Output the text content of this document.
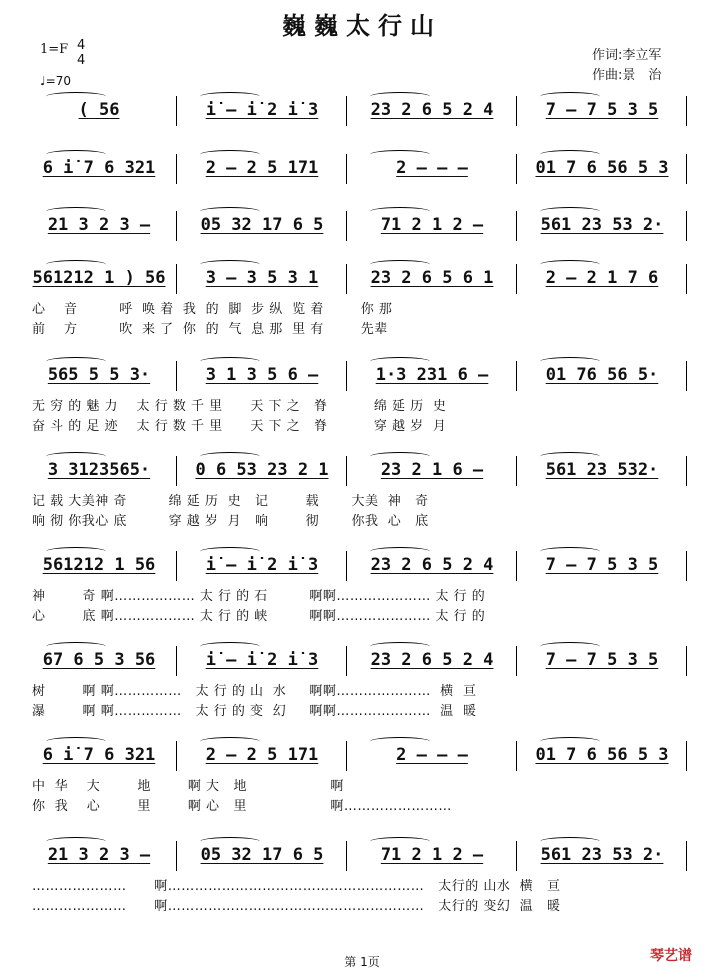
巍巍太行山
1=F 4
4
♩=70
作词:李立军
作曲:景　治
( 56	i̇ — i̇ 2 i̇ 3	23 2 6 5 2 4	7 — 7 5 3 5
6 i̇ 7 6 321	2 — 2 5 171	2 — — —	01 7 6 56 5 3
21 3 2 3 —	05 32 17 6 5	71 2 1 2 —	561 23 53 2·
561212 1 ) 56 3 — 3 5 3 1	23 2 6 5 6 1	2 — 2 1 7 6
心    音         呼  唤 着  我  的  脚  步 纵  览 着        你 那
前    方         吹  来 了  你  的  气  息 那  里 有        先辈
565 5 5 3·	3 1 3 5 6 —	1·3 231 6 —	01 76 56 5·
无 穷 的 魅 力    太 行 数 千 里      天 下 之   脊          绵 延 历  史
奋 斗 的 足 迹    太 行 数 千 里      天 下 之   脊          穿 越 岁  月
3 3123565·	0 6 53 23 2 1	23 2 1 6 —	561 23 532·
记 载 大美神 奇         绵 延 历  史   记        载       大美  神   奇
响 彻 你我心 底         穿 越 岁  月   响        彻       你我  心   底
561212 1 56	i̇ — i̇ 2 i̇ 3	23 2 6 5 2 4	7 — 7 5 3 5
神        奇 啊……………… 太 行 的 石         啊啊………………… 太 行 的
心        底 啊……………… 太 行 的 峡         啊啊………………… 太 行 的
67 6 5 3 56	i̇ — i̇ 2 i̇ 3	23 2 6 5 2 4	7 — 7 5 3 5
树        啊 啊……………   太 行 的 山  水     啊啊…………………  横  亘
瀑        啊 啊……………   太 行 的 变  幻     啊啊…………………  温  暖
6 i̇ 7 6 321	2 — 2 5 171	2 — — —	01 7 6 56 5 3
中  华    大        地        啊 大   地                  啊
你  我    心        里        啊 心   里                  啊……………………
21 3 2 3 —	05 32 17 6 5	71 2 1 2 —	561 23 53 2·
…………………      啊…………………………………………………   太行的 山水  横   亘
…………………      啊…………………………………………………   太行的 变幻  温   暖
第 1页	琴艺谱
